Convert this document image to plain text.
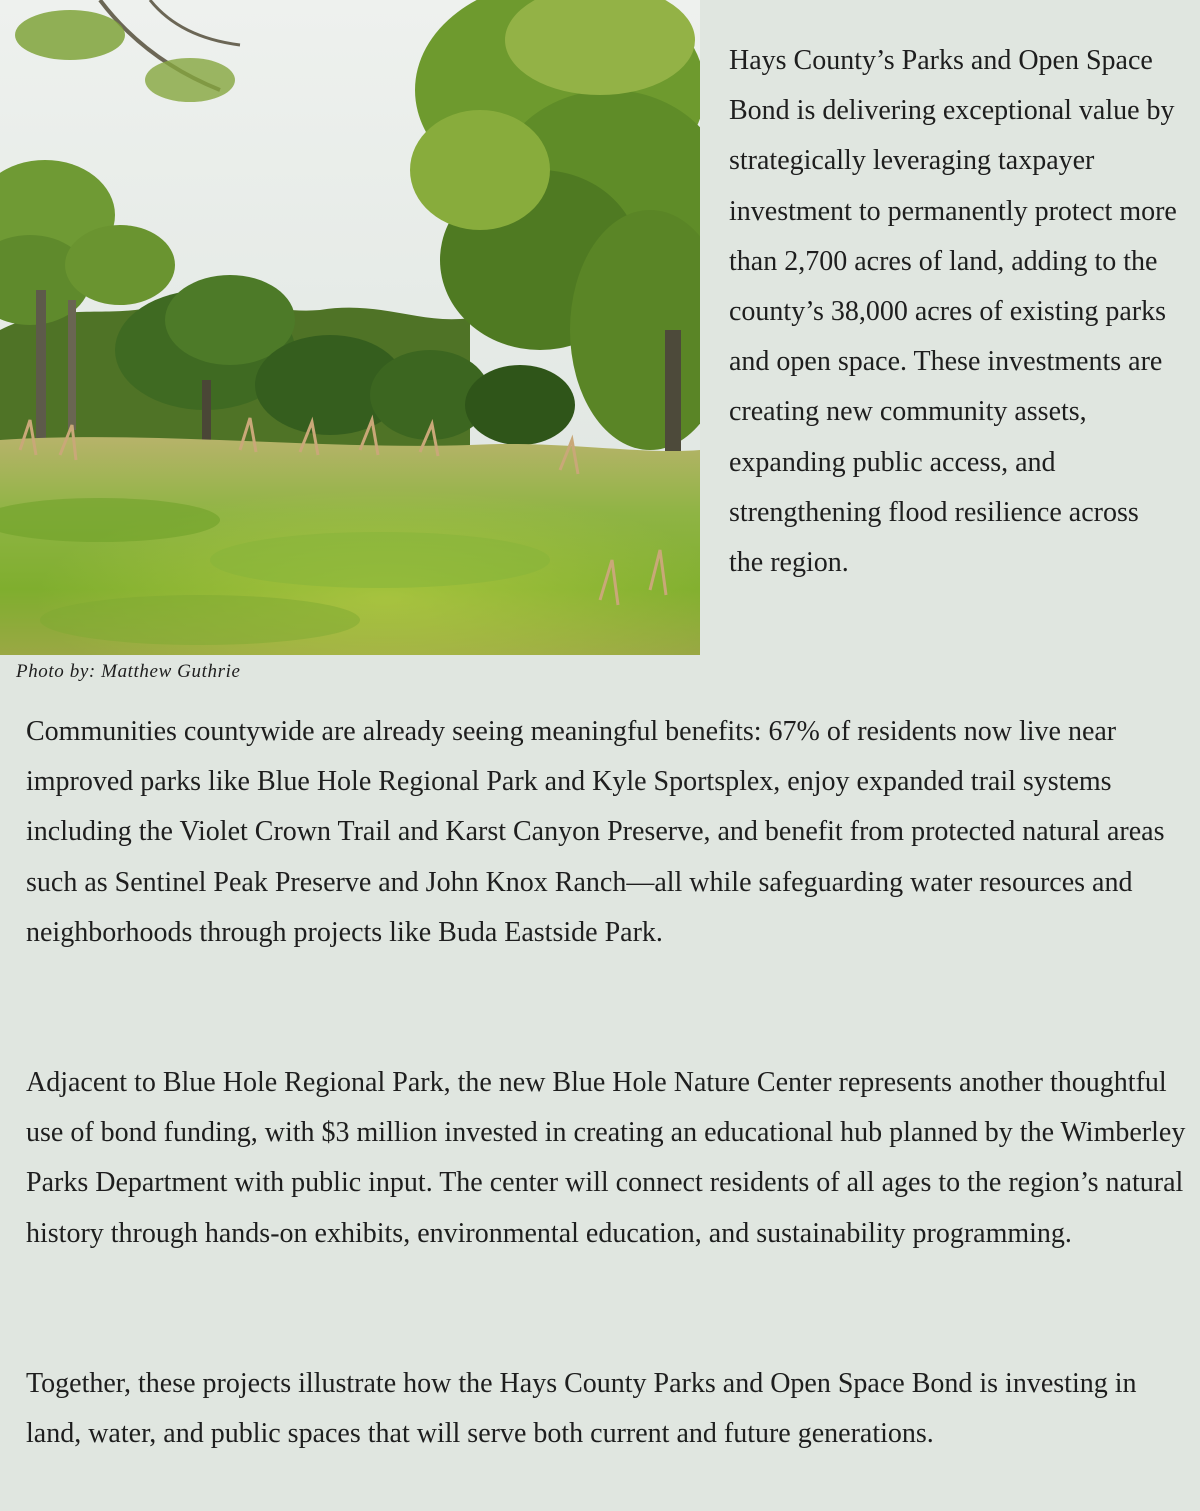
Hays County’s Parks and Open Space Bond is delivering exceptional value by strategically leveraging taxpayer investment to permanently protect more than 2,700 acres of land, adding to the county’s 38,000 acres of existing parks and open space. These investments are creating new community assets, expanding public access, and strengthening flood resilience across the region.

Photo by: Matthew Guthrie

Communities countywide are already seeing meaningful benefits: 67% of residents now live near improved parks like Blue Hole Regional Park and Kyle Sportsplex, enjoy expanded trail systems including the Violet Crown Trail and Karst Canyon Preserve, and benefit from protected natural areas such as Sentinel Peak Preserve and John Knox Ranch—all while safeguarding water resources and neighborhoods through projects like Buda Eastside Park.

Adjacent to Blue Hole Regional Park, the new Blue Hole Nature Center represents another thoughtful use of bond funding, with $3 million invested in creating an educational hub planned by the Wimberley Parks Department with public input. The center will connect residents of all ages to the region’s natural history through hands-on exhibits, environmental education, and sustainability programming.

Together, these projects illustrate how the Hays County Parks and Open Space Bond is investing in land, water, and public spaces that will serve both current and future generations.
